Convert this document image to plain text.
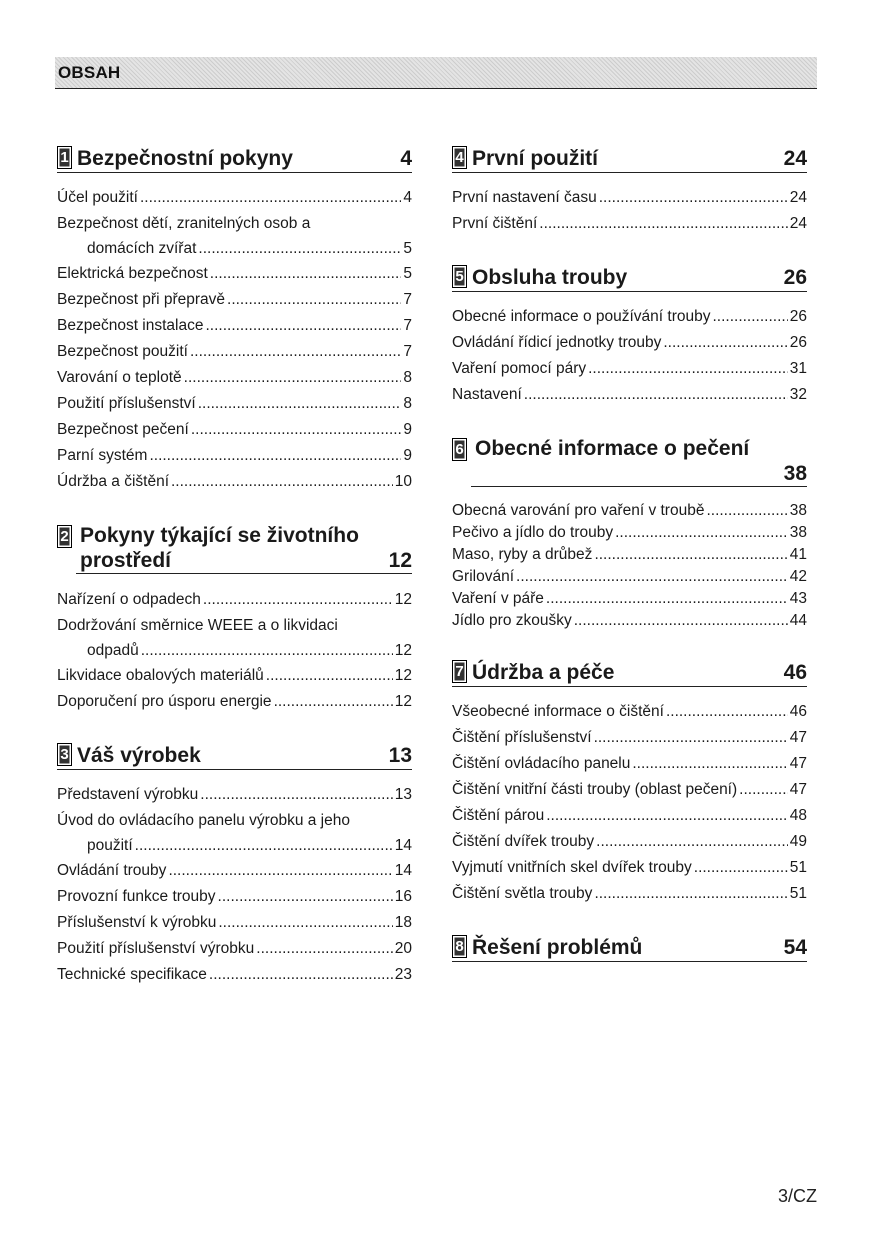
OBSAH
1 Bezpečnostní pokyny	4
Účel použití .....	4
Bezpečnost dětí, zranitelných osob a
domácích zvířat .....	5
Elektrická bezpečnost .....	5
Bezpečnost při přepravě .....	7
Bezpečnost instalace .....	7
Bezpečnost použití .....	7
Varování o teplotě .....	8
Použití příslušenství .....	8
Bezpečnost pečení .....	9
Parní systém .....	9
Údržba a čištění .....	10
2 Pokyny týkající se životního
prostředí	12
Nařízení o odpadech .....	12
Dodržování směrnice WEEE a o likvidaci
odpadů .....	12
Likvidace obalových materiálů .....	12
Doporučení pro úsporu energie .....	12
3 Váš výrobek	13
Představení výrobku .....	13
Úvod do ovládacího panelu výrobku a jeho
použití .....	14
Ovládání trouby .....	14
Provozní funkce trouby .....	16
Příslušenství k výrobku .....	18
Použití příslušenství výrobku .....	20
Technické specifikace .....	23
4 První použití	24
První nastavení času .....	24
První čištění .....	24
5 Obsluha trouby	26
Obecné informace o používání trouby .....	26
Ovládání řídicí jednotky trouby .....	26
Vaření pomocí páry .....	31
Nastavení .....	32
6 Obecné informace o pečení
38
Obecná varování pro vaření v troubě .....	38
Pečivo a jídlo do trouby .....	38
Maso, ryby a drůbež .....	41
Grilování .....	42
Vaření v páře .....	43
Jídlo pro zkoušky .....	44
7 Údržba a péče	46
Všeobecné informace o čištění .....	46
Čištění příslušenství .....	47
Čištění ovládacího panelu .....	47
Čištění vnitřní části trouby (oblast pečení) .....	47
Čištění párou .....	48
Čištění dvířek trouby .....	49
Vyjmutí vnitřních skel dvířek trouby .....	51
Čištění světla trouby .....	51
8 Řešení problémů	54
3/CZ
